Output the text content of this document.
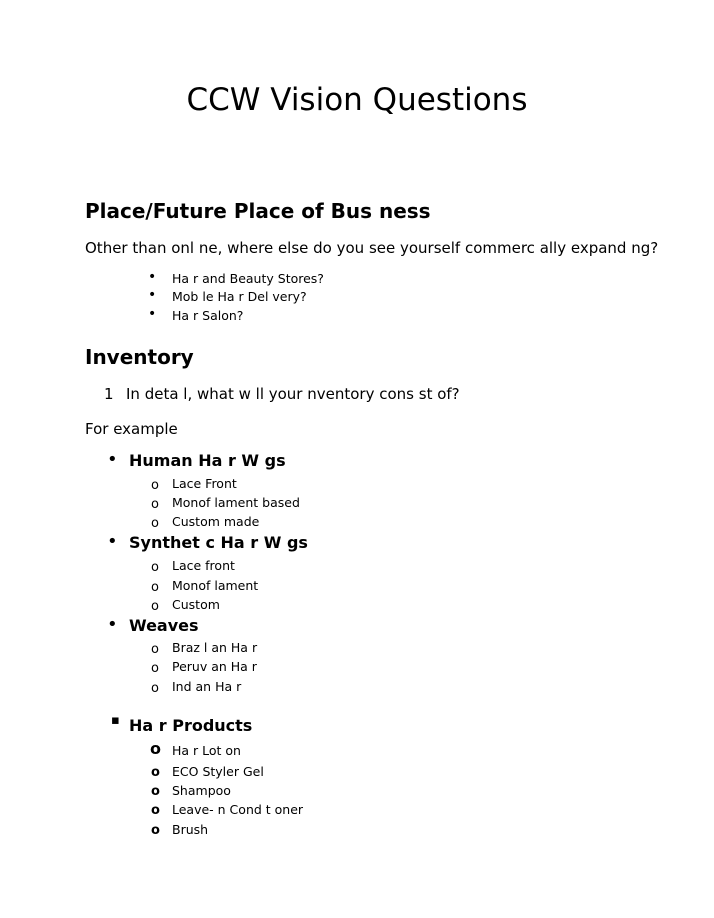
CCW Vision Questions
Place/Future Place of Bus ness
Other than onl ne, where else do you see yourself commerc ally expand ng?
• Ha r and Beauty Stores?
• Mob le Ha r Del very?
• Ha r Salon?
Inventory
1 In deta l, what w ll your nventory cons st of?
For example
• Human Ha r W gs
o Lace Front
o Monof lament based
o Custom made
• Synthet c Ha r W gs
o Lace front
o Monof lament
o Custom
• Weaves
o Braz l an Ha r
o Peruv an Ha r
o Ind an Ha r
▪ Ha r Products
o Ha r Lot on
o ECO Styler Gel
o Shampoo
o Leave- n Cond t oner
o Brush
